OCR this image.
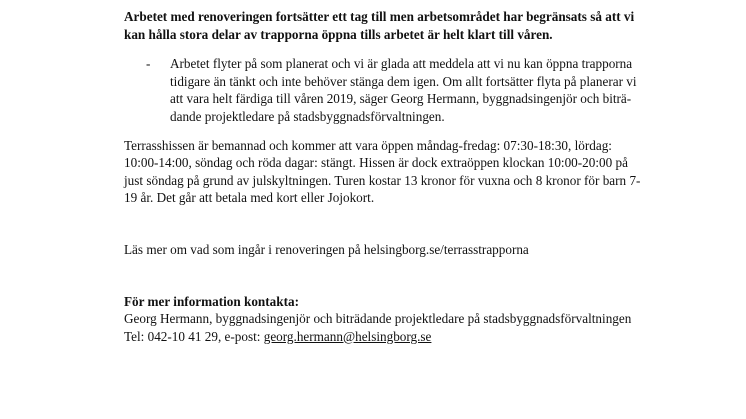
Arbetet med renoveringen fortsätter ett tag till men arbetsområdet har begränsats så att vi
kan hålla stora delar av trapporna öppna tills arbetet är helt klart till våren.
- Arbetet flyter på som planerat och vi är glada att meddela att vi nu kan öppna trapporna

tidigare än tänkt och inte behöver stänga dem igen. Om allt fortsätter flyta på planerar vi

att vara helt färdiga till våren 2019, säger Georg Hermann, byggnadsingenjör och biträ-

dande projektledare på stadsbyggnadsförvaltningen.

Terrasshissen är bemannad och kommer att vara öppen måndag-fredag: 07:30-18:30, lördag:

10:00-14:00, söndag och röda dagar: stängt. Hissen är dock extraöppen klockan 10:00-20:00 på

just söndag på grund av julskyltningen. Turen kostar 13 kronor för vuxna och 8 kronor för barn 7-

19 år. Det går att betala med kort eller Jojokort.

Läs mer om vad som ingår i renoveringen på helsingborg.se/terrasstrapporna
För mer information kontakta:

Georg Hermann, byggnadsingenjör och biträdande projektledare på stadsbyggnadsförvaltningen

Tel: 042-10 41 29, e-post: georg.hermann@helsingborg.se
